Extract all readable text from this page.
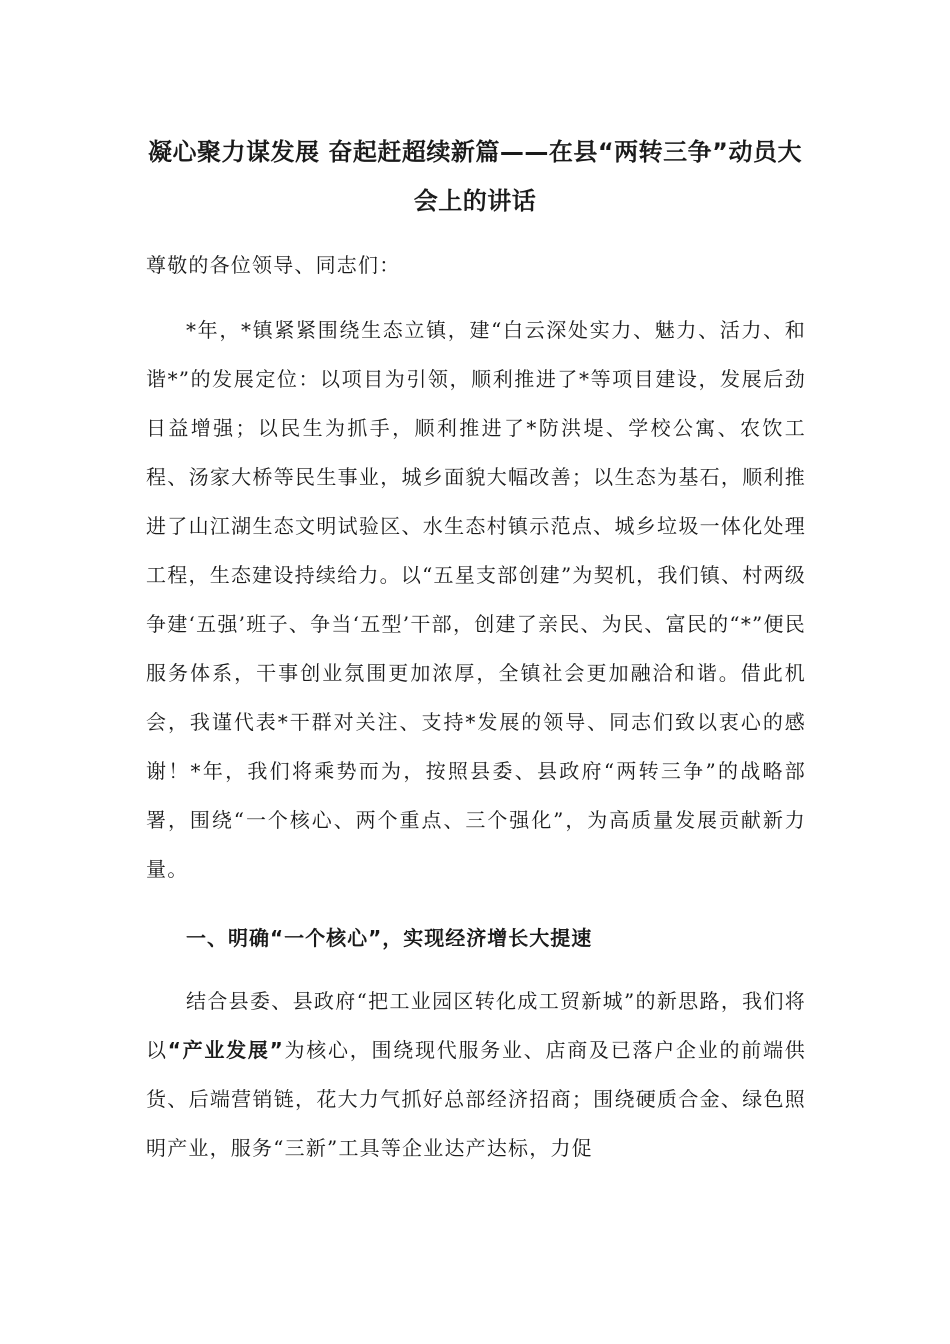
凝心聚力谋发展 奋起赶超续新篇——在县“两转三争”动员大会上的讲话

尊敬的各位领导、同志们：

*年，*镇紧紧围绕生态立镇，建“白云深处实力、魅力、活力、和谐*”的发展定位：以项目为引领，顺利推进了*等项目建设，发展后劲日益增强；以民生为抓手，顺利推进了*防洪堤、学校公寓、农饮工程、汤家大桥等民生事业，城乡面貌大幅改善；以生态为基石，顺利推进了山江湖生态文明试验区、水生态村镇示范点、城乡垃圾一体化处理工程，生态建设持续给力。以“五星支部创建”为契机，我们镇、村两级争建‘五强’班子、争当‘五型’干部，创建了亲民、为民、富民的“*”便民服务体系，干事创业氛围更加浓厚，全镇社会更加融洽和谐。借此机会，我谨代表*干群对关注、支持*发展的领导、同志们致以衷心的感谢！*年，我们将乘势而为，按照县委、县政府“两转三争”的战略部署，围绕“一个核心、两个重点、三个强化”，为高质量发展贡献新力量。

一、明确“一个核心”，实现经济增长大提速

结合县委、县政府“把工业园区转化成工贸新城”的新思路，我们将以“产业发展”为核心，围绕现代服务业、店商及已落户企业的前端供货、后端营销链，花大力气抓好总部经济招商；围绕硬质合金、绿色照明产业，服务“三新”工具等企业达产达标，力促
